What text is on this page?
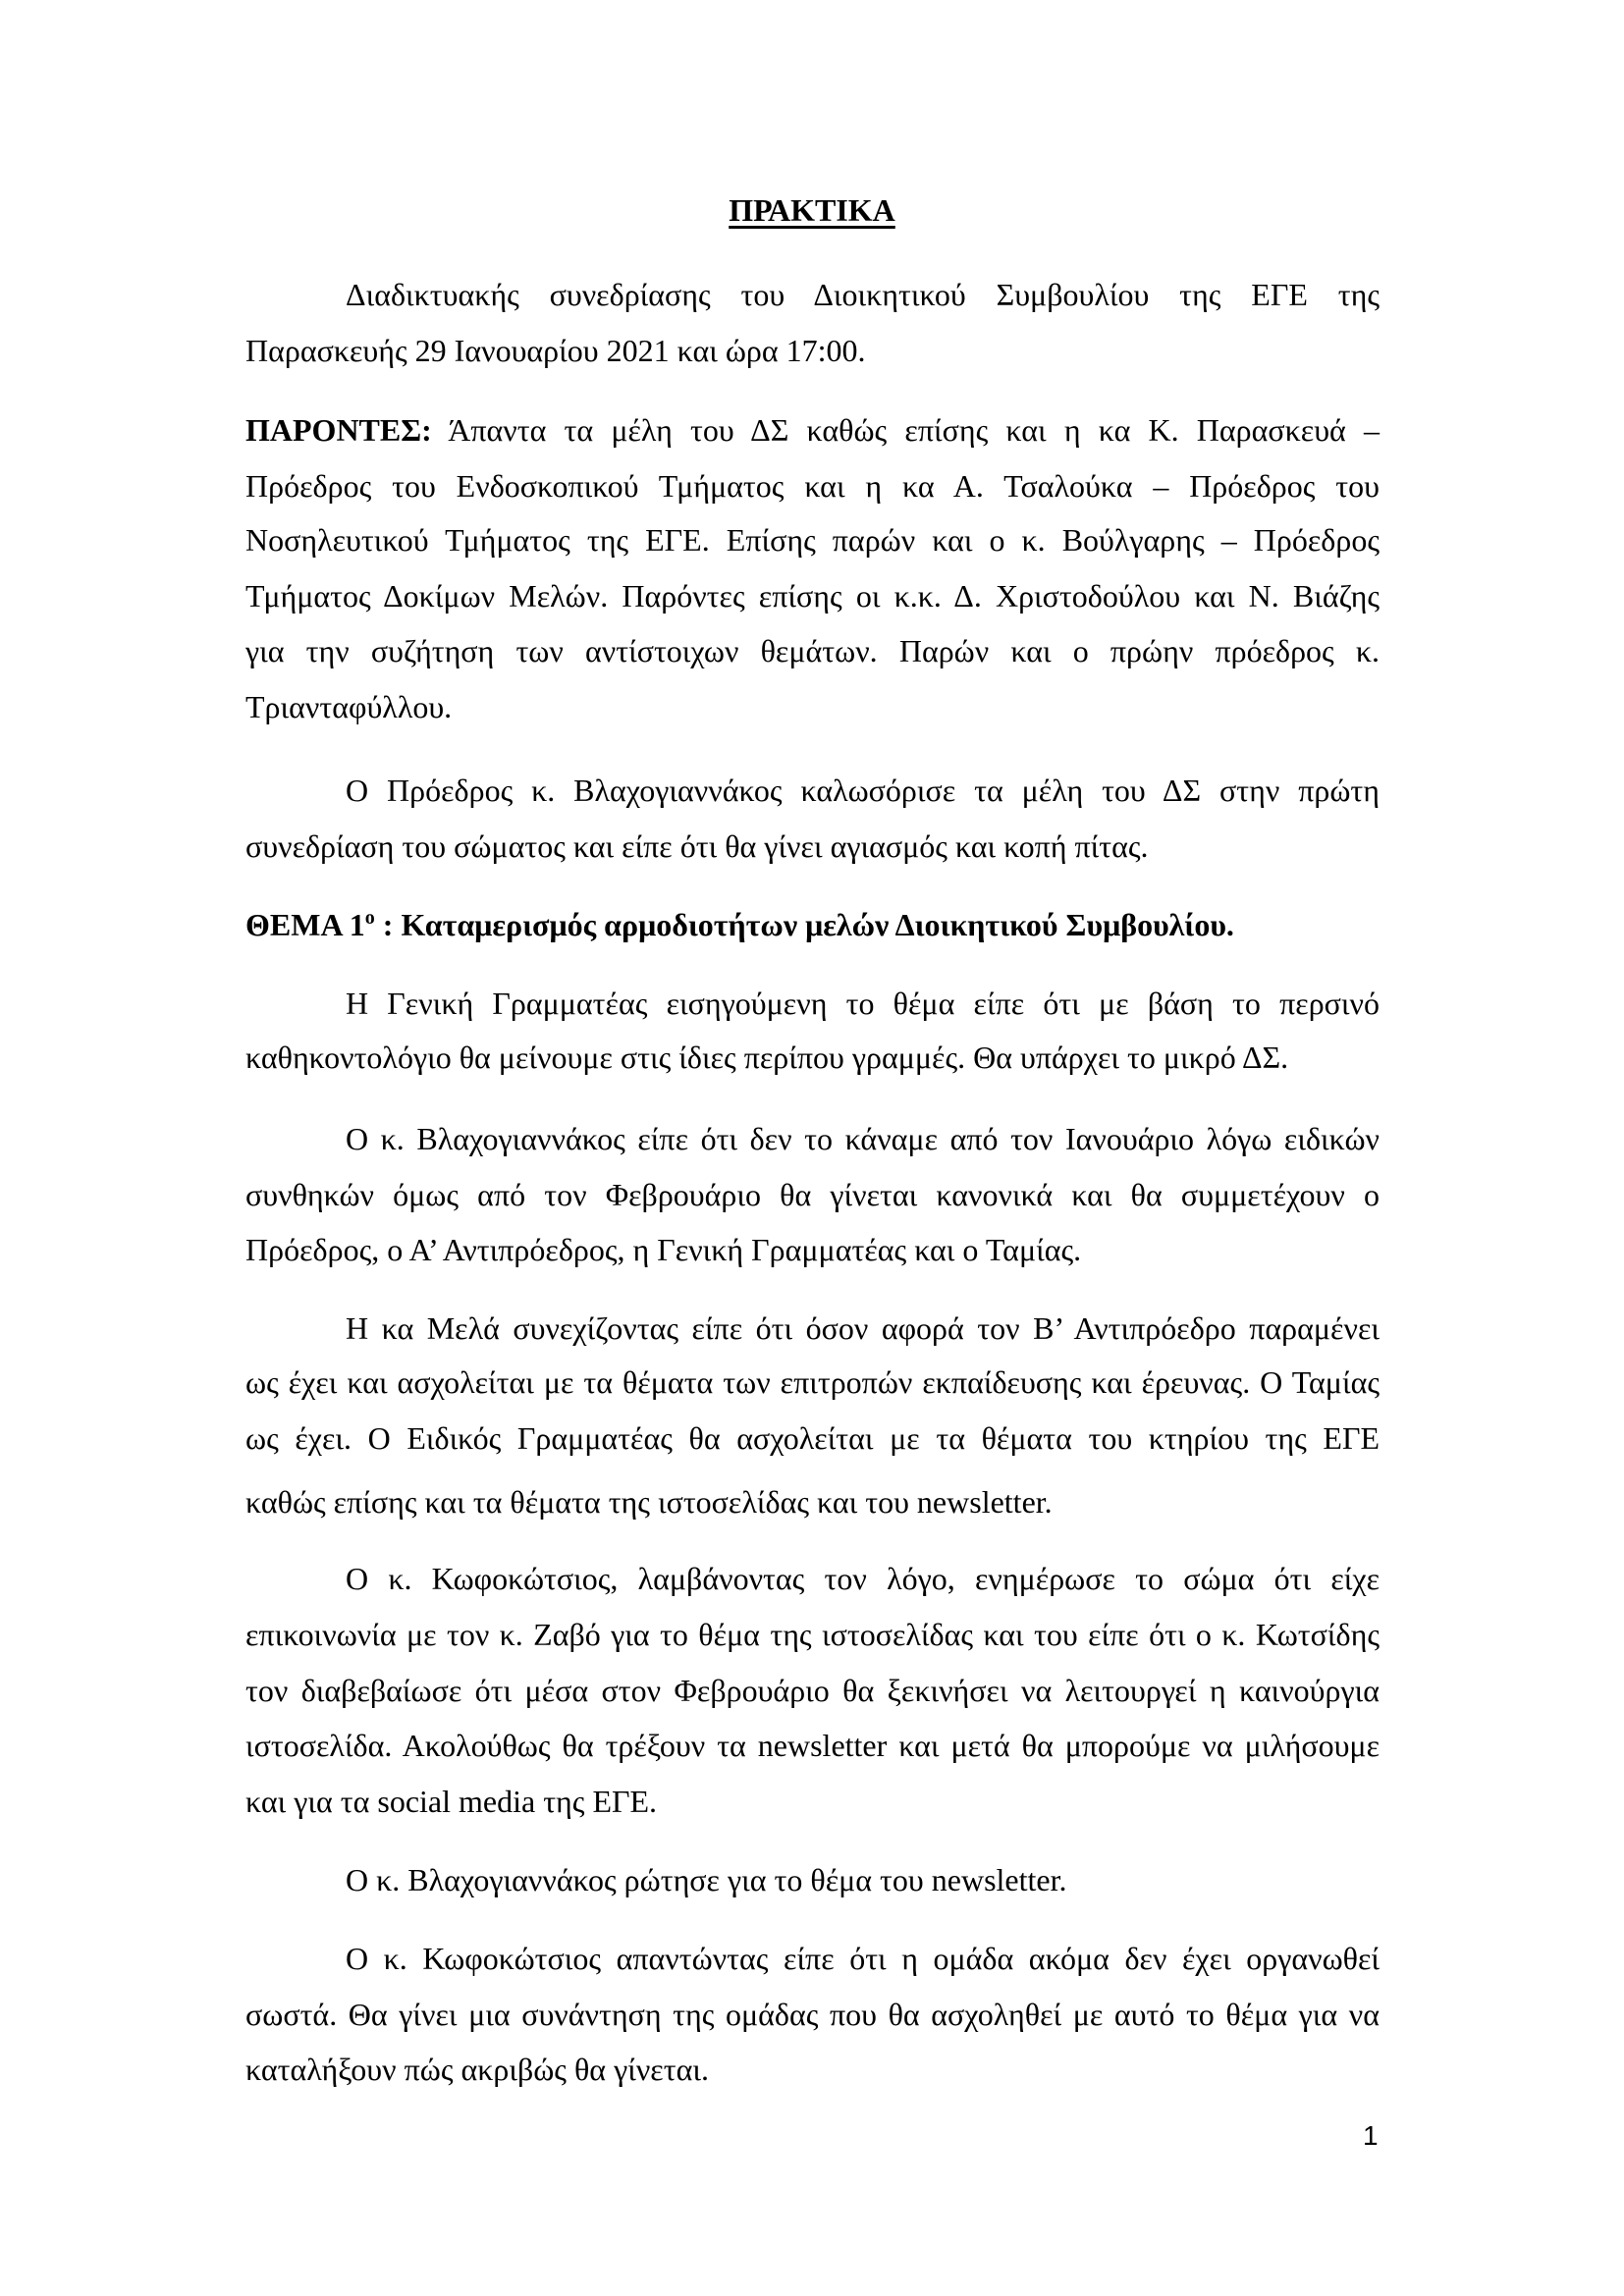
ΠΡΑΚΤΙΚΑ
Διαδικτυακής συνεδρίασης του Διοικητικού Συμβουλίου της ΕΓΕ της
Παρασκευής 29 Ιανουαρίου 2021 και ώρα 17:00.
ΠΑΡΟΝΤΕΣ: Άπαντα τα μέλη του ΔΣ καθώς επίσης και η κα Κ. Παρασκευά –
Πρόεδρος του Ενδοσκοπικού Τμήματος και η κα Α. Τσαλούκα – Πρόεδρος του
Νοσηλευτικού Τμήματος της ΕΓΕ. Επίσης παρών και ο κ. Βούλγαρης – Πρόεδρος
Τμήματος Δοκίμων Μελών. Παρόντες επίσης οι κ.κ. Δ. Χριστοδούλου και Ν. Βιάζης
για την συζήτηση των αντίστοιχων θεμάτων. Παρών και ο πρώην πρόεδρος κ.
Τριανταφύλλου.
Ο Πρόεδρος κ. Βλαχογιαννάκος καλωσόρισε τα μέλη του ΔΣ στην πρώτη
συνεδρίαση του σώματος και είπε ότι θα γίνει αγιασμός και κοπή πίτας.
ΘΕΜΑ $1^o$ : Καταμερισμός αρμοδιοτήτων μελών Διοικητικού Συμβουλίου.
Η Γενική Γραμματέας εισηγούμενη το θέμα είπε ότι με βάση το περσινό
καθηκοντολόγιο θα μείνουμε στις ίδιες περίπου γραμμές. Θα υπάρχει το μικρό ΔΣ.
Ο κ. Βλαχογιαννάκος είπε ότι δεν το κάναμε από τον Ιανουάριο λόγω ειδικών
συνθηκών όμως από τον Φεβρουάριο θα γίνεται κανονικά και θα συμμετέχουν ο
Πρόεδρος, ο Α’ Αντιπρόεδρος, η Γενική Γραμματέας και ο Ταμίας.
Η κα Μελά συνεχίζοντας είπε ότι όσον αφορά τον Β’ Αντιπρόεδρο παραμένει
ως έχει και ασχολείται με τα θέματα των επιτροπών εκπαίδευσης και έρευνας. Ο Ταμίας
ως έχει. Ο Ειδικός Γραμματέας θα ασχολείται με τα θέματα του κτηρίου της ΕΓΕ
καθώς επίσης και τα θέματα της ιστοσελίδας και του newsletter.
Ο κ. Κωφοκώτσιος, λαμβάνοντας τον λόγο, ενημέρωσε το σώμα ότι είχε
επικοινωνία με τον κ. Ζαβό για το θέμα της ιστοσελίδας και του είπε ότι ο κ. Κωτσίδης
τον διαβεβαίωσε ότι μέσα στον Φεβρουάριο θα ξεκινήσει να λειτουργεί η καινούργια
ιστοσελίδα. Ακολούθως θα τρέξουν τα newsletter και μετά θα μπορούμε να μιλήσουμε
και για τα social media της ΕΓΕ.
Ο κ. Βλαχογιαννάκος ρώτησε για το θέμα του newsletter.
Ο κ. Κωφοκώτσιος απαντώντας είπε ότι η ομάδα ακόμα δεν έχει οργανωθεί
σωστά. Θα γίνει μια συνάντηση της ομάδας που θα ασχοληθεί με αυτό το θέμα για να
καταλήξουν πώς ακριβώς θα γίνεται.
1
